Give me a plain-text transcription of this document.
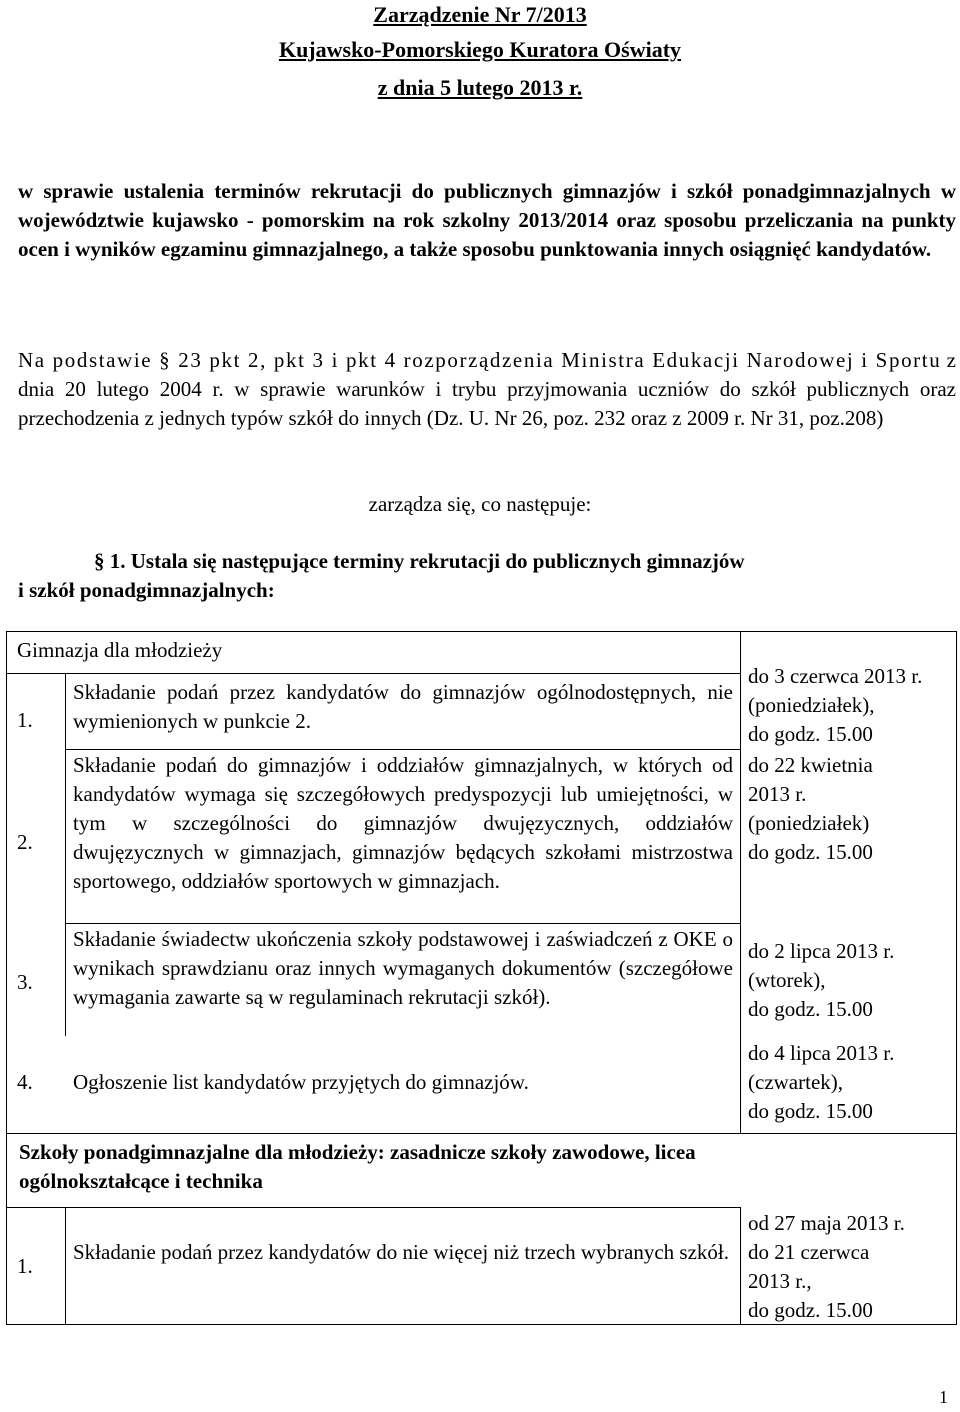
Zarządzenie Nr 7/2013
Kujawsko-Pomorskiego Kuratora Oświaty
z dnia 5 lutego 2013 r.
w sprawie ustalenia terminów rekrutacji do publicznych gimnazjów i szkół ponadgimnazjalnych w województwie kujawsko - pomorskim na rok szkolny 2013/2014 oraz sposobu przeliczania na punkty ocen i wyników egzaminu gimnazjalnego, a także sposobu punktowania innych osiągnięć kandydatów.
Na podstawie § 23 pkt 2, pkt 3 i pkt 4 rozporządzenia Ministra Edukacji Narodowej i Sportu z dnia 20 lutego 2004 r. w sprawie warunków i trybu przyjmowania uczniów do szkół publicznych oraz przechodzenia z jednych typów szkół do innych (Dz. U. Nr 26, poz. 232 oraz z 2009 r. Nr 31, poz.208)
zarządza się, co następuje:
§ 1. Ustala się następujące terminy rekrutacji do publicznych gimnazjów
i szkół ponadgimnazjalnych:
Gimnazja dla młodzieży
1.
Składanie podań przez kandydatów do gimnazjów ogólnodostępnych, nie wymienionych w punkcie 2.
do 3 czerwca 2013 r.
(poniedziałek),
do godz. 15.00
2.
Składanie podań do gimnazjów i oddziałów gimnazjalnych, w których od kandydatów wymaga się szczegółowych predyspozycji lub umiejętności, w tym w szczególności do gimnazjów dwujęzycznych, oddziałów dwujęzycznych w gimnazjach, gimnazjów będących szkołami mistrzostwa sportowego, oddziałów sportowych w gimnazjach.
do 22 kwietnia
2013 r.
(poniedziałek)
do godz. 15.00
3.
Składanie świadectw ukończenia szkoły podstawowej i zaświadczeń z OKE o wynikach sprawdzianu oraz innych wymaganych dokumentów (szczegółowe wymagania zawarte są w regulaminach rekrutacji szkół).
do 2 lipca 2013 r.
(wtorek),
do godz. 15.00
4. Ogłoszenie list kandydatów przyjętych do gimnazjów.
do 4 lipca 2013 r.
(czwartek),
do godz. 15.00
Szkoły ponadgimnazjalne dla młodzieży: zasadnicze szkoły zawodowe, licea ogólnokształcące i technika
1.
Składanie podań przez kandydatów do nie więcej niż trzech wybranych szkół.
od 27 maja 2013 r.
do 21 czerwca
2013 r.,
do godz. 15.00
1
